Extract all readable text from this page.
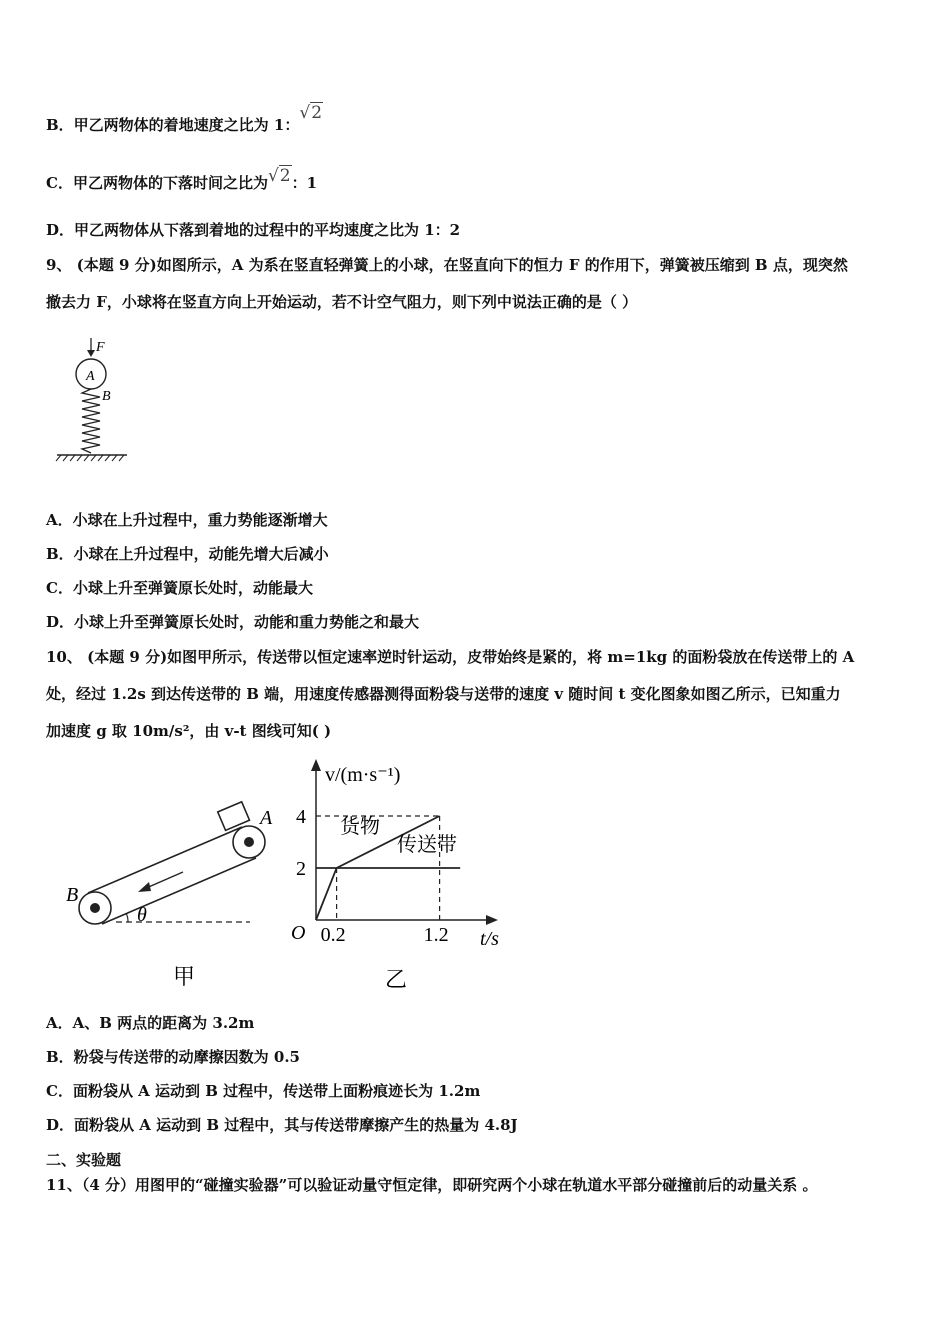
B．甲乙两物体的着地速度之比为 1：√2
C．甲乙两物体的下落时间之比为√2：1
D．甲乙两物体从下落到着地的过程中的平均速度之比为 1：2
9、 (本题 9 分)如图所示，A 为系在竖直轻弹簧上的小球，在竖直向下的恒力 F 的作用下，弹簧被压缩到 B 点，现突然
撤去力 F，小球将在竖直方向上开始运动，若不计空气阻力，则下列中说法正确的是（ ）
F
A
B
A．小球在上升过程中，重力势能逐渐增大
B．小球在上升过程中，动能先增大后减小
C．小球上升至弹簧原长处时，动能最大
D．小球上升至弹簧原长处时，动能和重力势能之和最大
10、 (本题 9 分)如图甲所示，传送带以恒定速率逆时针运动，皮带始终是紧的，将 m=1kg 的面粉袋放在传送带上的 A
处，经过 1.2s 到达传送带的 B 端，用速度传感器测得面粉袋与送带的速度 v 随时间 t 变化图象如图乙所示，已知重力
加速度 g 取 10m/s²，由 v-t 图线可知( )
A
B
θ
甲
v/(m·s⁻¹)
t/s
O
2
4
0.2	1.2
货物
传送带
乙
A．A、B 两点的距离为 3.2m
B．粉袋与传送带的动摩擦因数为 0.5
C．面粉袋从 A 运动到 B 过程中，传送带上面粉痕迹长为 1.2m
D．面粉袋从 A 运动到 B 过程中，其与传送带摩擦产生的热量为 4.8J
二、实验题
11、（4 分）用图甲的“碰撞实验器”可以验证动量守恒定律，即研究两个小球在轨道水平部分碰撞前后的动量关系 。
